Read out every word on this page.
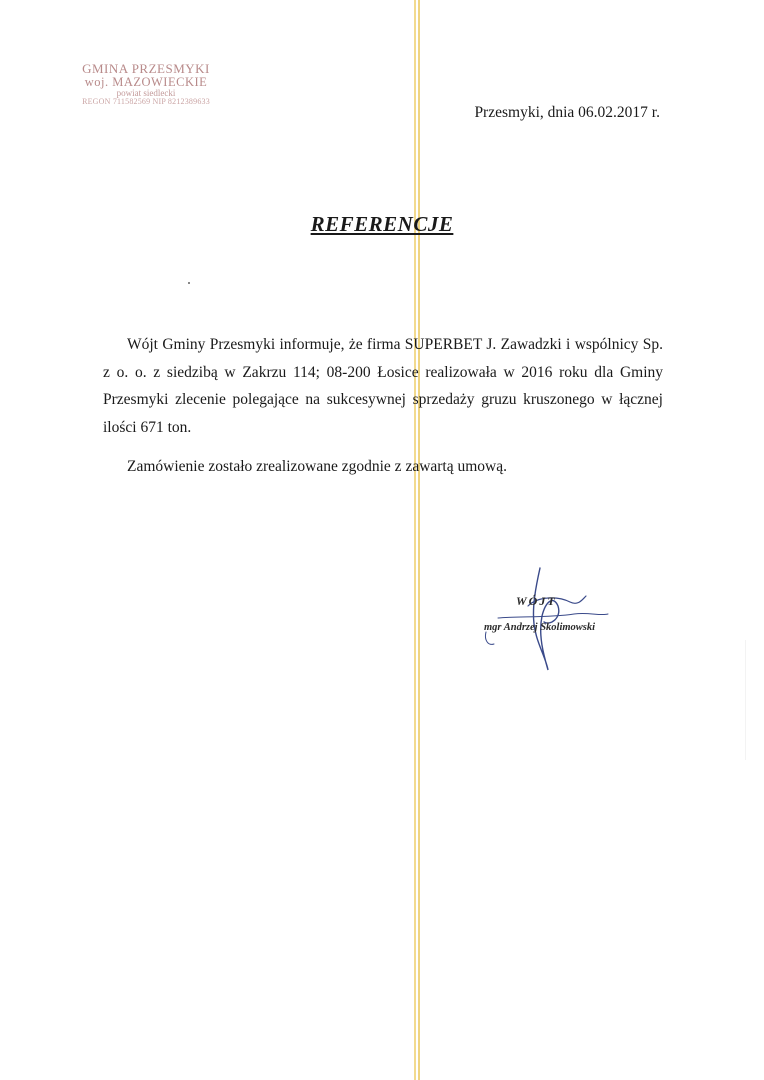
GMINA PRZESMYKI
woj. MAZOWIECKIE
powiat siedlecki
REGON 711582569 NIP 8212389633
Przesmyki, dnia 06.02.2017 r.
REFERENCJE

Wójt Gminy Przesmyki informuje, że firma SUPERBET J. Zawadzki i wspólnicy Sp. z o. o. z siedzibą w Zakrzu 114; 08-200 Łosice realizowała w 2016 roku dla Gminy Przesmyki zlecenie polegające na sukcesywnej sprzedaży gruzu kruszonego w łącznej ilości 671 ton.

Zamówienie zostało zrealizowane zgodnie z zawartą umową.

WÓJT
mgr Andrzej Skolimowski
